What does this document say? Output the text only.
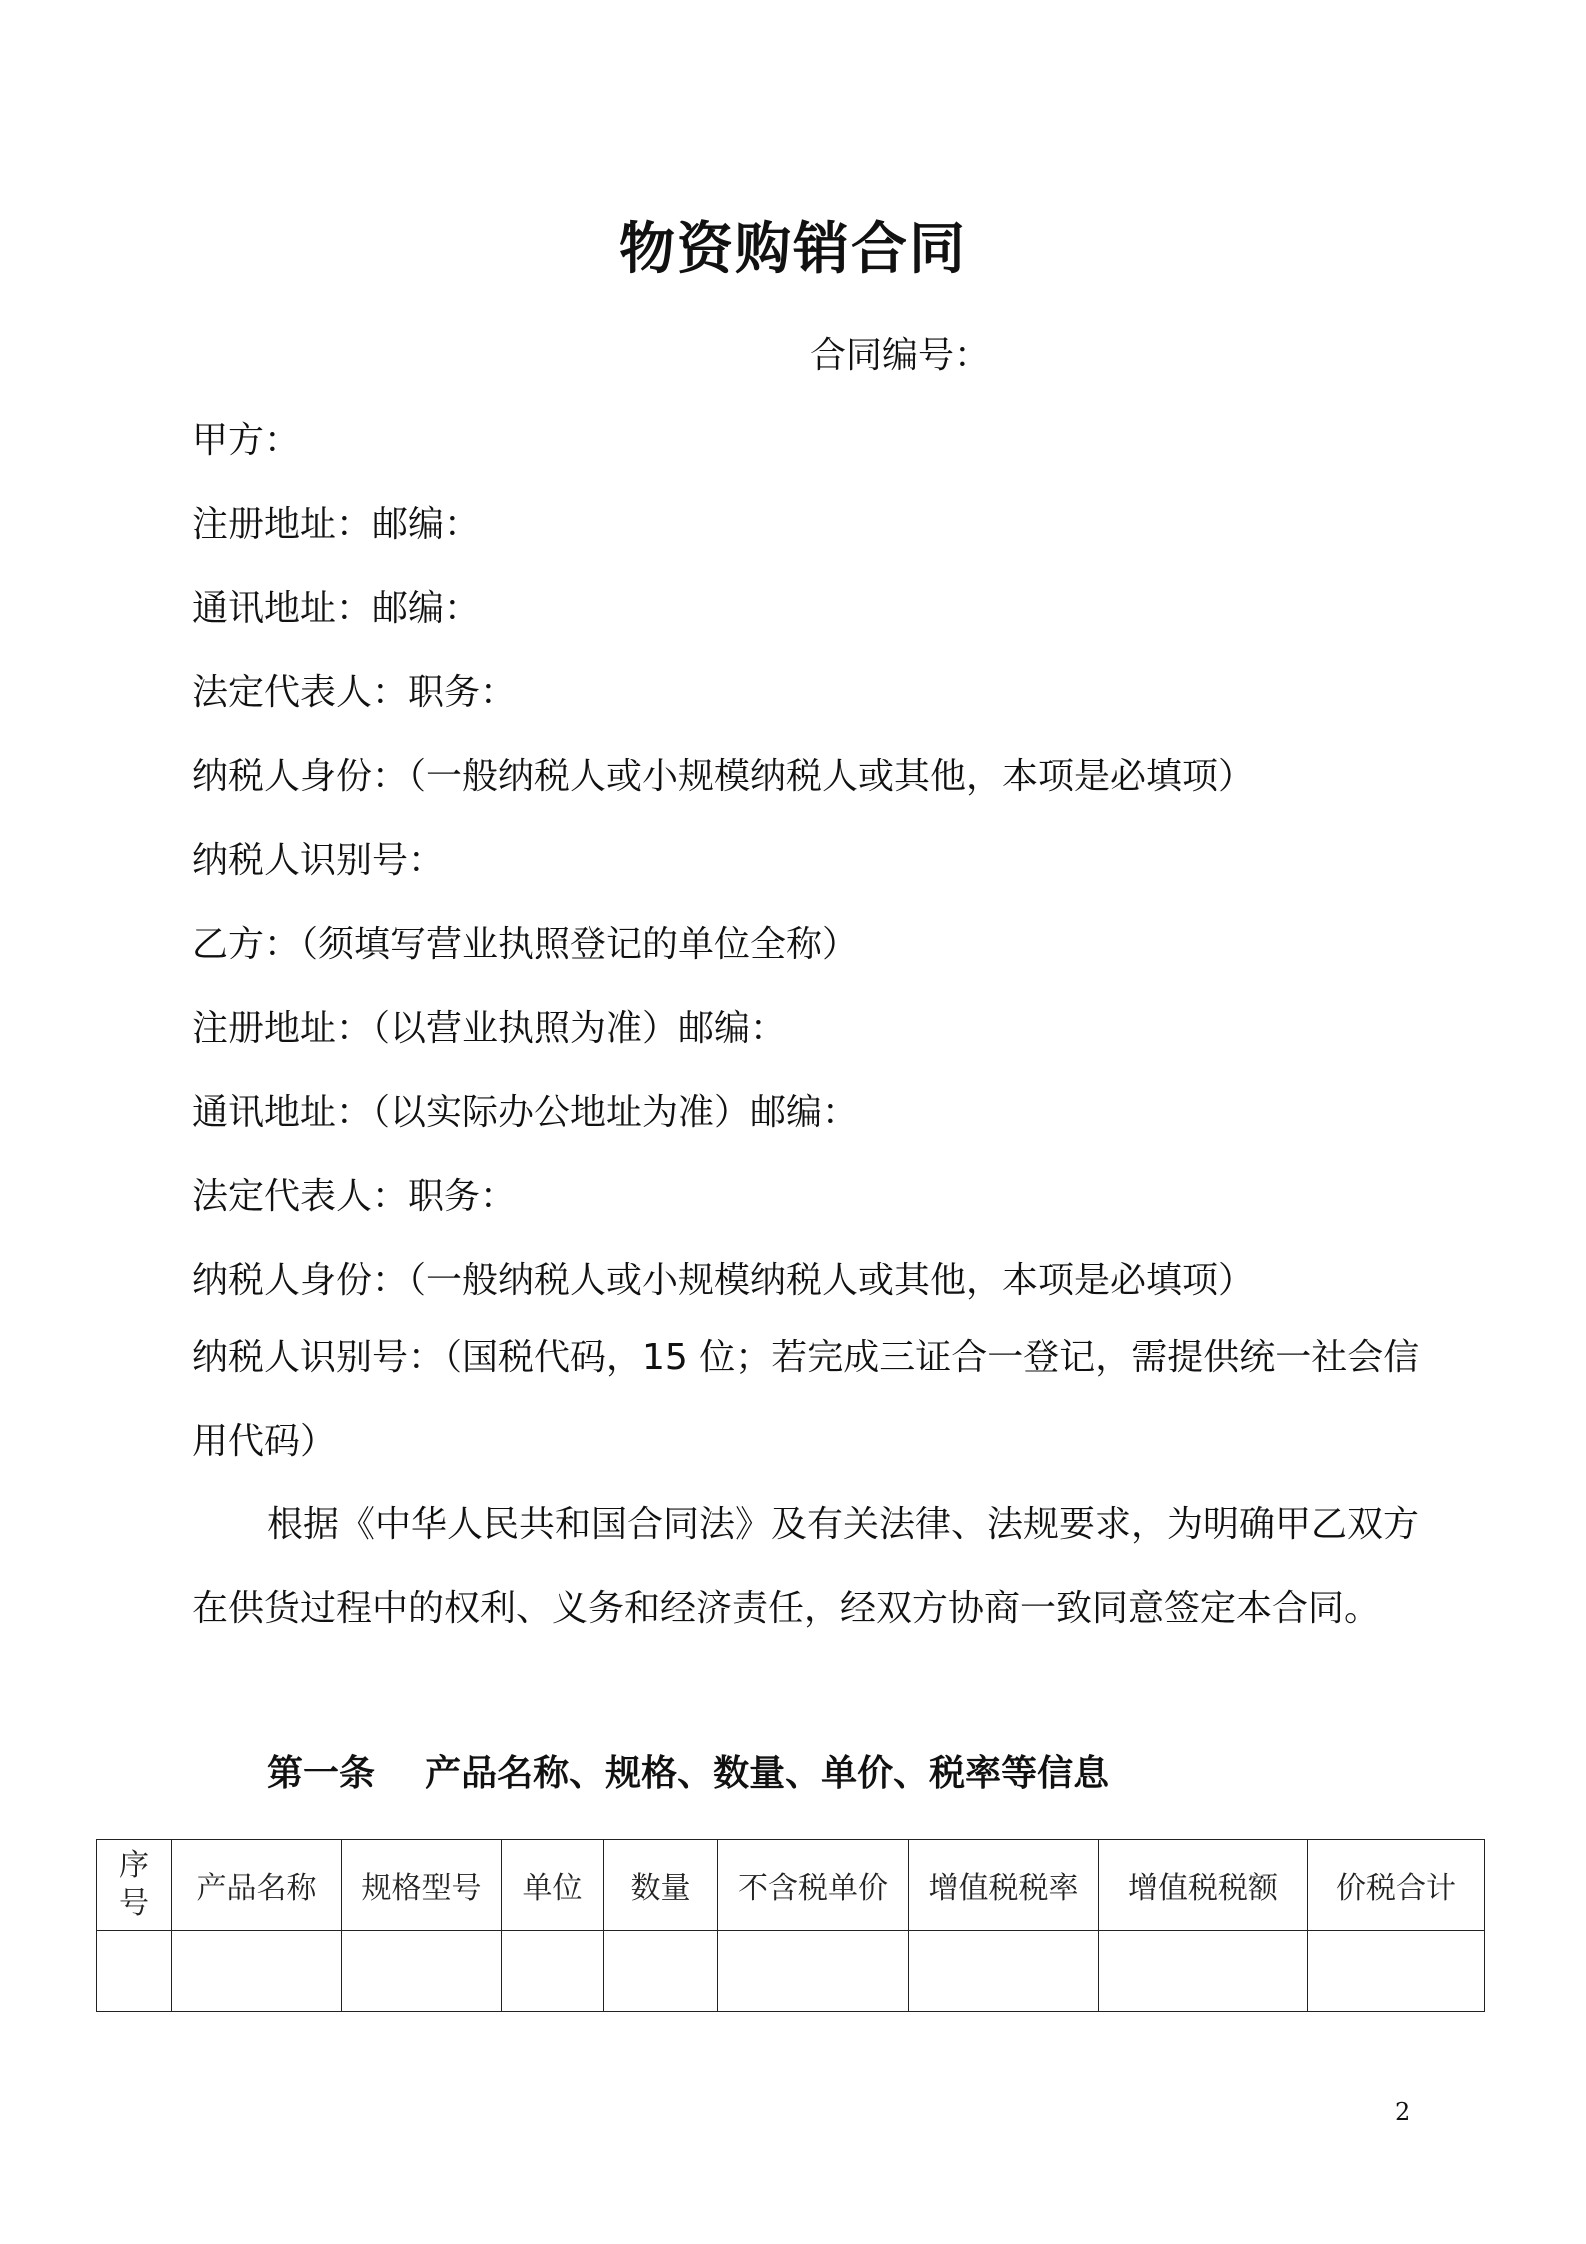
物资购销合同
合同编号：
甲方：
注册地址：邮编：
通讯地址：邮编：
法定代表人：职务：
纳税人身份：（一般纳税人或小规模纳税人或其他，本项是必填项）
纳税人识别号：
乙方：（须填写营业执照登记的单位全称）
注册地址：（以营业执照为准）邮编：
通讯地址：（以实际办公地址为准）邮编：
法定代表人：职务：
纳税人身份：（一般纳税人或小规模纳税人或其他，本项是必填项）
纳税人识别号：（国税代码，15 位；若完成三证合一登记，需提供统一社会信用代码）

根据《中华人民共和国合同法》及有关法律、法规要求，为明确甲乙双方在供货过程中的权利、义务和经济责任，经双方协商一致同意签定本合同。

第一条    产品名称、规格、数量、单价、税率等信息
序号	产品名称	规格型号	单位	数量	不含税单价	增值税税率	增值税税额	价税合计

2
